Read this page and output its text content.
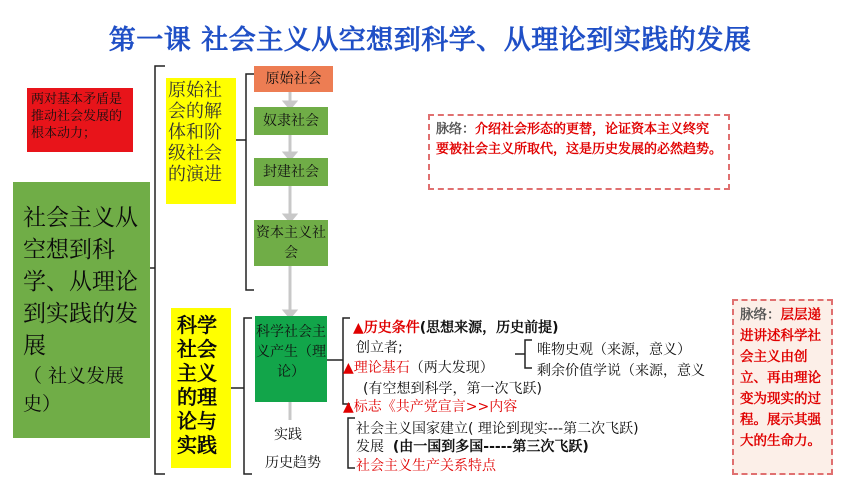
第一课 社会主义从空想到科学、从理论到实践的发展
两对基本矛盾是推动社会发展的根本动力；
社会主义从空想到科学、从理论到实践的发展
（ 社义发展史）
原始社会的解体和阶级社会的演进
科学社会主义的理论与实践
原始社会
奴隶社会
封建社会
资本主义社会
科学社会主义产生（理论）
实践
历史趋势
▲历史条件(思想来源，历史前提)
创立者;
▲理论基石（两大发现）
唯物史观（来源，意义）
剩余价值学说（来源，意义
(有空想到科学，第一次飞跃)
▲标志《共产党宣言>>内容
社会主义国家建立( 理论到现实---第二次飞跃)
发展 (由一国到多国-----第三次飞跃)
社会主义生产关系特点
脉络：介绍社会形态的更替，论证资本主义终究要被社会主义所取代，这是历史发展的必然趋势。
脉络：层层递进讲述科学社会主义由创立、再由理论变为现实的过程。展示其强大的生命力。
